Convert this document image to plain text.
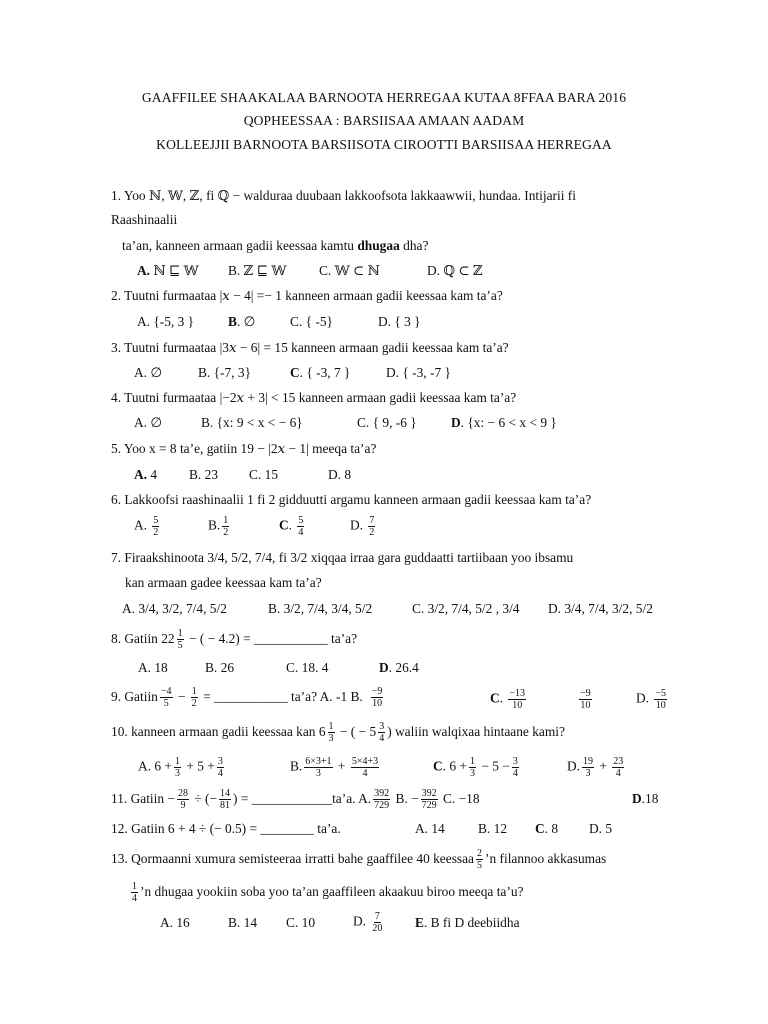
GAAFFILEE SHAAKALAA BARNOOTA HERREGAA KUTAA 8FFAA BARA 2016
QOPHEESSAA : BARSIISAA AMAAN AADAM
KOLLEEJJII BARNOOTA BARSIISOTA CIROOTTI BARSIISAA HERREGAA
1. Yoo ℕ, 𝕎, ℤ, fi ℚ − walduraa duubaan lakkoofsota lakkaawwii, hundaa. Intijarii fi
Raashinaalii
ta’an, kanneen armaan gadii keessaa kamtu dhugaa dha?
A. ℕ ⊑ 𝕎 B. ℤ ⊑ 𝕎 C. 𝕎 ⊂ ℕ	D. ℚ ⊂ ℤ
2. Tuutni furmaataa |𝑥 − 4| =− 1 kanneen armaan gadii keessaa kam ta’a?
A. {-5, 3 }	B. ∅	C. { -5}	D. { 3 }
3. Tuutni furmaataa |3𝑥 − 6| = 15 kanneen armaan gadii keessaa kam ta’a?
A. ∅	B. {-7, 3}	C. { -3, 7 }	D. { -3, -7 }
4. Tuutni furmaataa |−2𝑥 + 3| < 15 kanneen armaan gadii keessaa kam ta’a?
A. ∅	B. {x: 9 < x < − 6}	C. { 9, -6 }	D. {x: − 6 < x < 9 }
5. Yoo x = 8 ta’e, gatiin 19 − |2𝑥 − 1| meeqa ta’a?
A. 4 B. 23 C. 15	D. 8
6. Lakkoofsi raashinaalii 1 fi 2 gidduutti argamu kanneen armaan gadii keessaa kam ta’a?
A. $\frac{5}{2}$	B. $\frac{1}{2}$	C. $\frac{5}{4}$	D. $\frac{7}{2}$
7. Firaakshinoota 3/4, 5/2, 7/4, fi 3/2 xiqqaa irraa gara guddaatti tartiibaan yoo ibsamu
kan armaan gadee keessaa kam ta’a?
A. 3/4, 3/2, 7/4, 5/2	B. 3/2, 7/4, 3/4, 5/2	C. 3/2, 7/4, 5/2 , 3/4 D. 3/4, 7/4, 3/2, 5/2
8. Gatiin $22 \frac{1}{5}$ − ( − 4.2) = ___________ ta’a?
A. 18	B. 26	C. 18. 4	D. 26.4
9. Gatiin $\frac{-4}{5} - \frac{1}{2}$ = ___________ ta’a? A. -1 B. $\frac{-9}{10}$	C. $\frac{-13}{10}$	$\frac{-9}{10}$	D. $\frac{-5}{10}$
10. kanneen armaan gadii keessaa kan $6 \frac{1}{3}$ − ( − $5 \frac{3}{4}$ ) waliin walqixaa hintaane kami?
A. $6 + \frac{1}{3} + 5 + \frac{3}{4}$	B. $\frac{6\times 3+1}{3} + \frac{5\times 4+3}{4}$	C. $6 + \frac{1}{3} - 5 - \frac{3}{4}$	D. $\frac{19}{3} + \frac{23}{4}$
11. Gatiin − $\frac{28}{9}$ ÷ (− $\frac{14}{81}$ ) = ____________ta’a. A. $\frac{392}{729} B$. − $\frac{392}{729} C$. −18	D.18
12. Gatiin 6 + 4 ÷ (− 0.5) = ________ ta’a.	A. 14 B. 12 C. 8 D. 5
13. Qormaanni xumura semisteeraa irratti bahe gaaffilee 40 keessaa $\frac{2}{5}$ ’n filannoo akkasumas
$\frac{1}{4}$ ’n dhugaa yookiin soba yoo ta’an gaaffileen akaakuu biroo meeqa ta’u?
A. 16	B. 14 C. 10	D. $\frac{7}{20} E$. B fi D deebiidha
